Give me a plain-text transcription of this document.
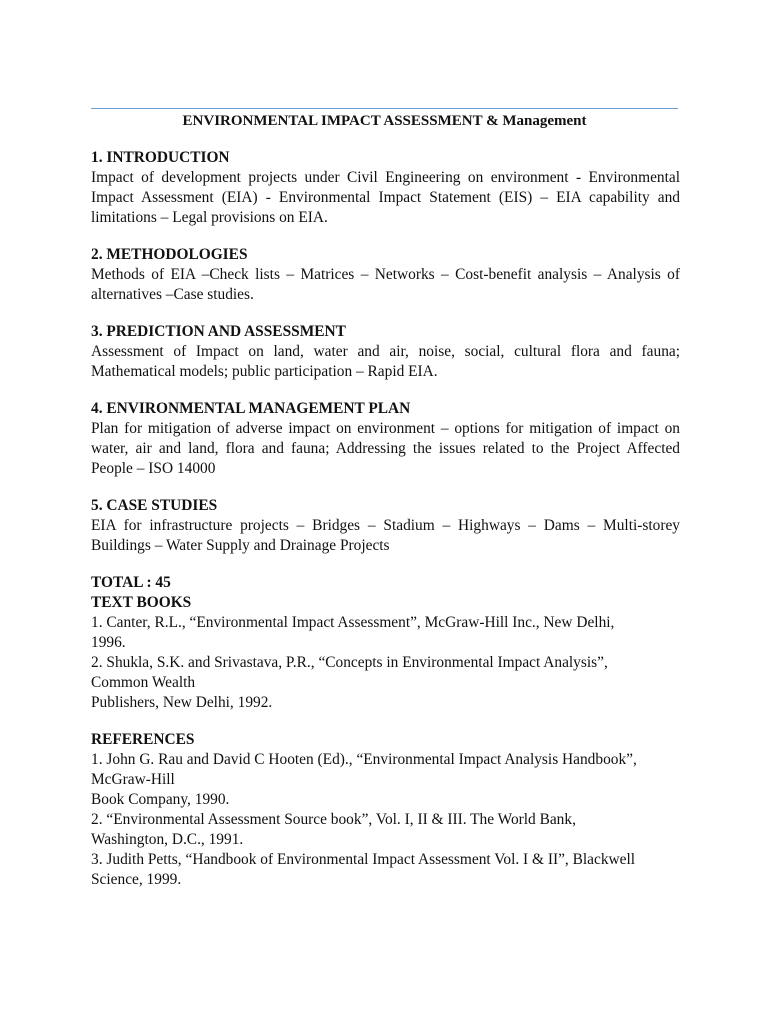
ENVIRONMENTAL IMPACT ASSESSMENT & Management
1. INTRODUCTION

Impact of development projects under Civil Engineering on environment - Environmental Impact Assessment (EIA) - Environmental Impact Statement (EIS) – EIA capability and limitations – Legal provisions on EIA.

2. METHODOLOGIES

Methods of EIA –Check lists – Matrices – Networks – Cost-benefit analysis – Analysis of alternatives –Case studies.

3. PREDICTION AND ASSESSMENT

Assessment of Impact on land, water and air, noise, social, cultural flora and fauna; Mathematical models; public participation – Rapid EIA.

4. ENVIRONMENTAL MANAGEMENT PLAN

Plan for mitigation of adverse impact on environment – options for mitigation of impact on water, air and land, flora and fauna; Addressing the issues related to the Project Affected People – ISO 14000

5. CASE STUDIES

EIA for infrastructure projects – Bridges – Stadium – Highways – Dams – Multi-storey Buildings – Water Supply and Drainage Projects

TOTAL : 45
TEXT BOOKS
1. Canter, R.L., “Environmental Impact Assessment”, McGraw-Hill Inc., New Delhi,
1996.
2. Shukla, S.K. and Srivastava, P.R., “Concepts in Environmental Impact Analysis”,
Common Wealth
Publishers, New Delhi, 1992.
REFERENCES
1. John G. Rau and David C Hooten (Ed)., “Environmental Impact Analysis Handbook”,
McGraw-Hill
Book Company, 1990.
2. “Environmental Assessment Source book”, Vol. I, II & III. The World Bank,
Washington, D.C., 1991.
3. Judith Petts, “Handbook of Environmental Impact Assessment Vol. I & II”, Blackwell
Science, 1999.
